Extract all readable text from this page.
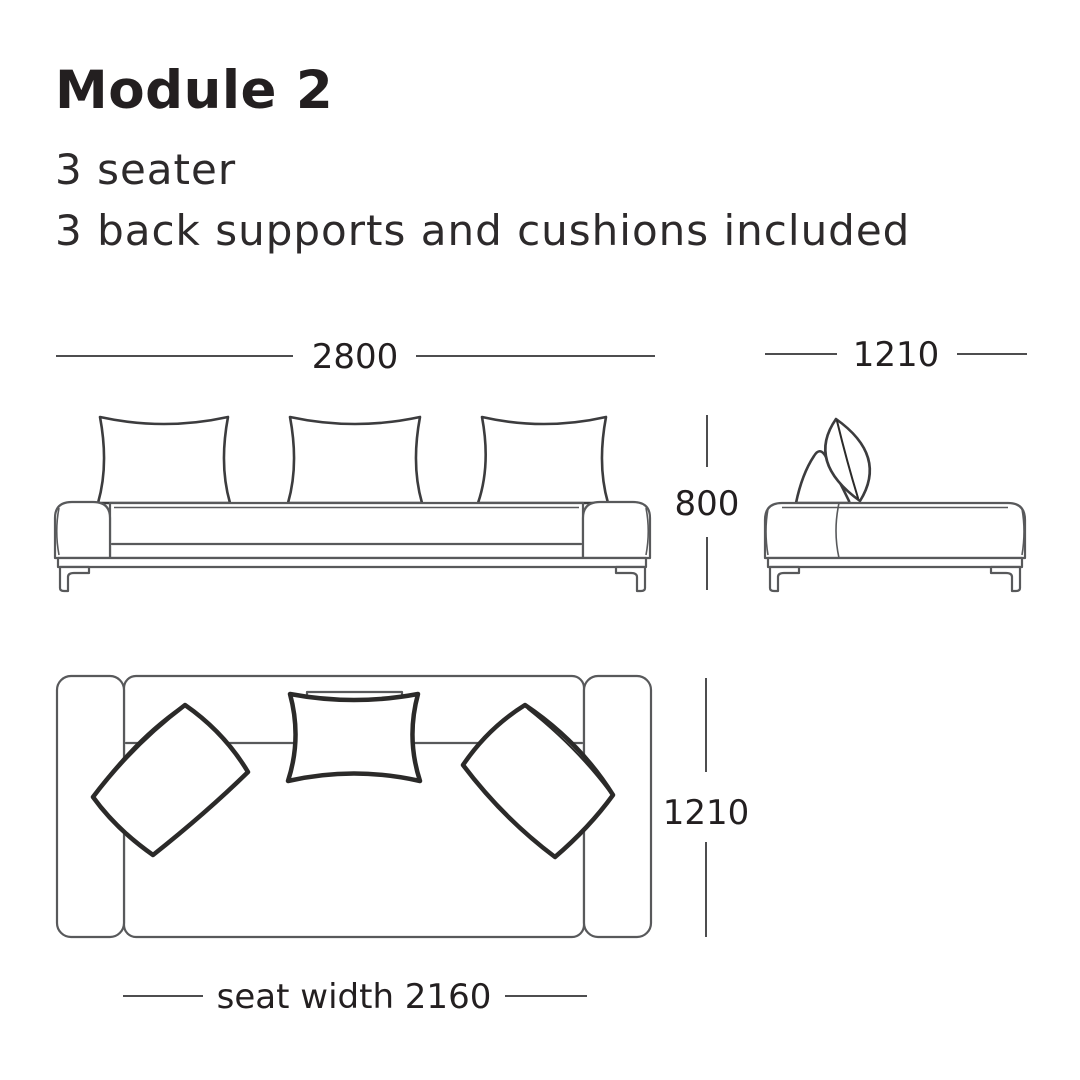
Module 2
3 seater
3 back supports and cushions included
2800
800
1210
1210
seat width 2160
